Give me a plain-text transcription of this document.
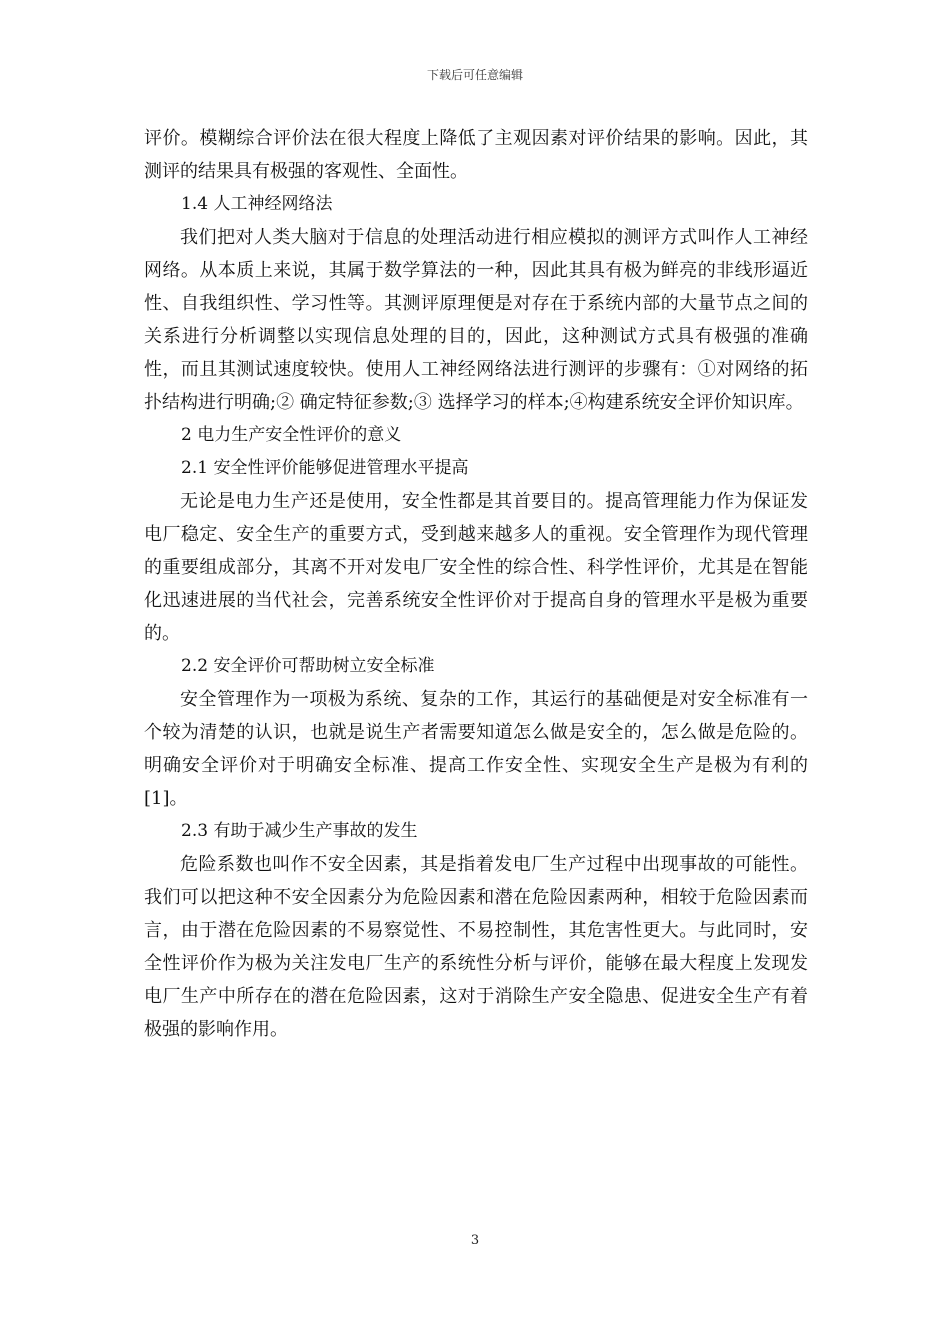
下载后可任意编辑

评价。模糊综合评价法在很大程度上降低了主观因素对评价结果的影响。因此，其测评的结果具有极强的客观性、全面性。

1.4 人工神经网络法

我们把对人类大脑对于信息的处理活动进行相应模拟的测评方式叫作人工神经网络。从本质上来说，其属于数学算法的一种，因此其具有极为鲜亮的非线形逼近性、自我组织性、学习性等。其测评原理便是对存在于系统内部的大量节点之间的关系进行分析调整以实现信息处理的目的，因此，这种测试方式具有极强的准确性，而且其测试速度较快。使用人工神经网络法进行测评的步骤有：①对网络的拓扑结构进行明确;② 确定特征参数;③ 选择学习的样本;④构建系统安全评价知识库。

2 电力生产安全性评价的意义

2.1 安全性评价能够促进管理水平提高

无论是电力生产还是使用，安全性都是其首要目的。提高管理能力作为保证发电厂稳定、安全生产的重要方式，受到越来越多人的重视。安全管理作为现代管理的重要组成部分，其离不开对发电厂安全性的综合性、科学性评价，尤其是在智能化迅速进展的当代社会，完善系统安全性评价对于提高自身的管理水平是极为重要的。

2.2 安全评价可帮助树立安全标准

安全管理作为一项极为系统、复杂的工作，其运行的基础便是对安全标准有一个较为清楚的认识，也就是说生产者需要知道怎么做是安全的，怎么做是危险的。明确安全评价对于明确安全标准、提高工作安全性、实现安全生产是极为有利的[1]。

2.3 有助于减少生产事故的发生

危险系数也叫作不安全因素，其是指着发电厂生产过程中出现事故的可能性。我们可以把这种不安全因素分为危险因素和潜在危险因素两种，相较于危险因素而言，由于潜在危险因素的不易察觉性、不易控制性，其危害性更大。与此同时，安全性评价作为极为关注发电厂生产的系统性分析与评价，能够在最大程度上发现发电厂生产中所存在的潜在危险因素，这对于消除生产安全隐患、促进安全生产有着极强的影响作用。

3
